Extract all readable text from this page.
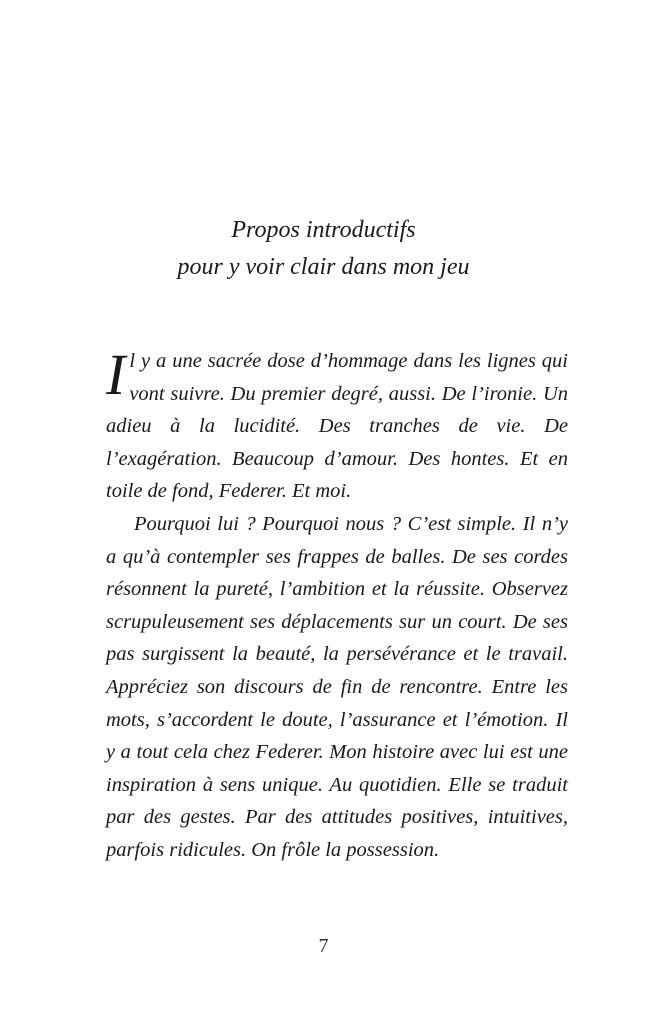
Propos introductifs
pour y voir clair dans mon jeu

Il y a une sacrée dose d’hommage dans les lignes qui vont suivre. Du premier degré, aussi. De l’ironie. Un adieu à la lucidité. Des tranches de vie. De l’exagération. Beaucoup d’amour. Des hontes. Et en toile de fond, Federer. Et moi.

Pourquoi lui ? Pourquoi nous ? C’est simple. Il n’y a qu’à contempler ses frappes de balles. De ses cordes résonnent la pureté, l’ambition et la réussite. Observez scrupuleusement ses déplacements sur un court. De ses pas surgissent la beauté, la persévérance et le travail. Appréciez son discours de fin de rencontre. Entre les mots, s’accordent le doute, l’assurance et l’émotion. Il y a tout cela chez Federer. Mon histoire avec lui est une inspiration à sens unique. Au quotidien. Elle se traduit par des gestes. Par des attitudes positives, intuitives, parfois ridicules. On frôle la possession.

7
